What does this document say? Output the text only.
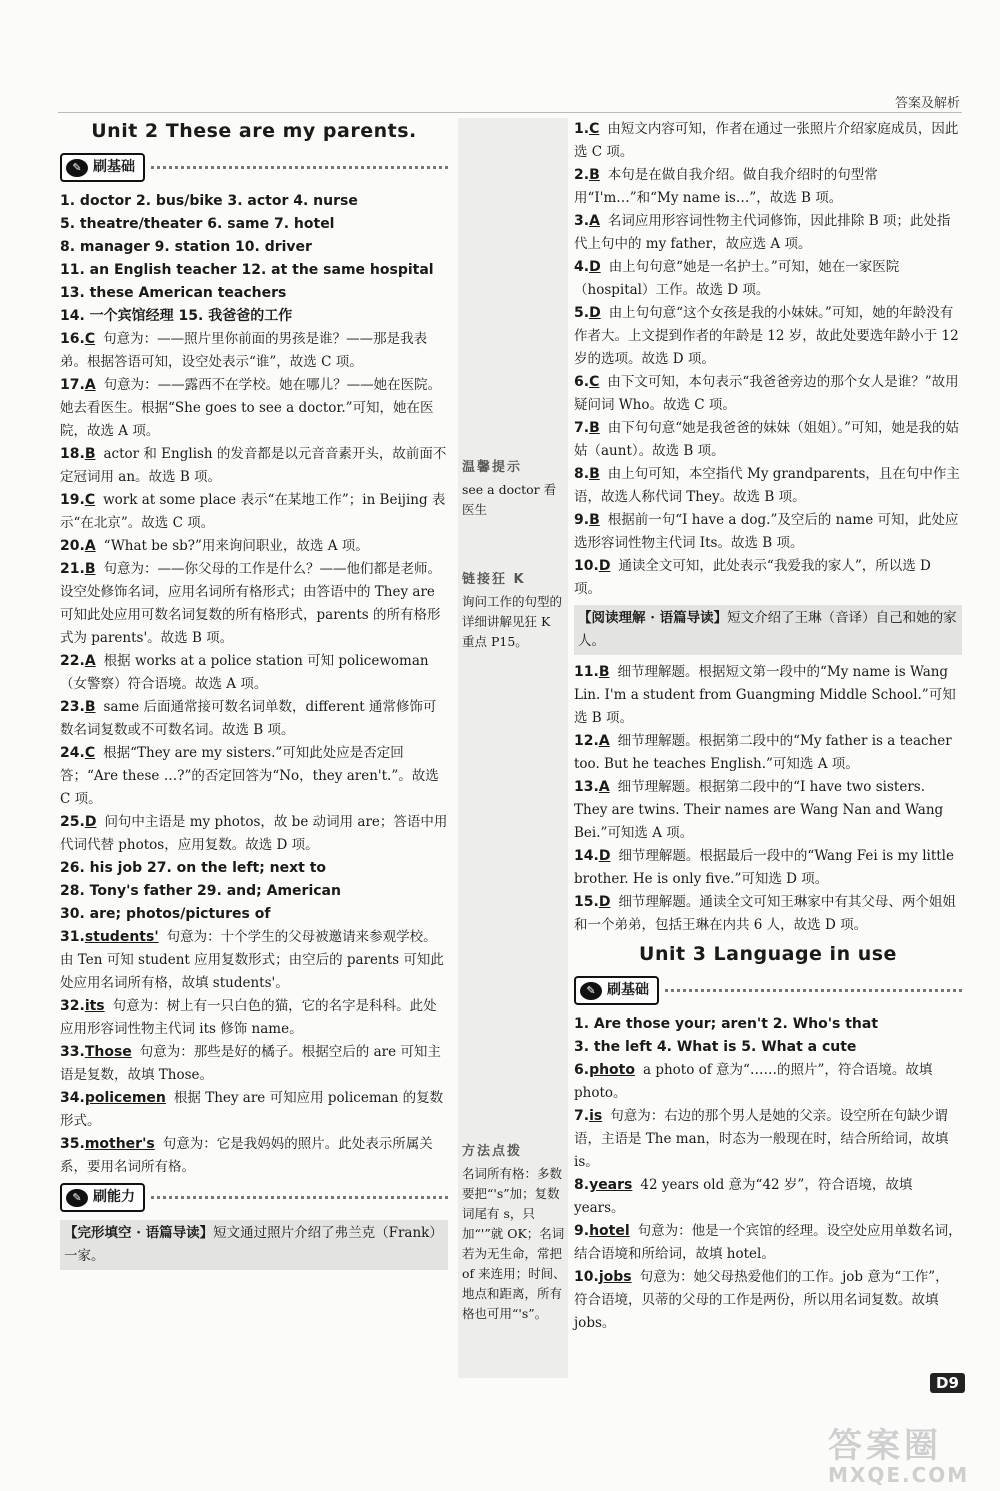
答案及解析
Unit 2 These are my parents.
✎ 刷基础
1. doctor 2. bus/bike 3. actor 4. nurse
5. theatre/theater 6. same 7. hotel
8. manager 9. station 10. driver
11. an English teacher 12. at the same hospital
13. these American teachers
14. 一个宾馆经理 15. 我爸爸的工作

16.C 句意为：——照片里你前面的男孩是谁？——那是我表弟。根据答语可知，设空处表示“谁”，故选 C 项。

17.A 句意为：——露西不在学校。她在哪儿？——她在医院。她去看医生。根据“She goes to see a doctor.”可知，她在医院，故选 A 项。

18.B actor 和 English 的发音都是以元音音素开头，故前面不定冠词用 an。故选 B 项。

19.C work at some place 表示“在某地工作”；in Beijing 表示“在北京”。故选 C 项。

20.A “What be sb?”用来询问职业，故选 A 项。

21.B 句意为：——你父母的工作是什么？——他们都是老师。设空处修饰名词，应用名词所有格形式；由答语中的 They are 可知此处应用可数名词复数的所有格形式，parents 的所有格形式为 parents'。故选 B 项。

22.A 根据 works at a police station 可知 policewoman（女警察）符合语境。故选 A 项。

23.B same 后面通常接可数名词单数，different 通常修饰可数名词复数或不可数名词。故选 B 项。

24.C 根据“They are my sisters.”可知此处应是否定回答；“Are these …?”的否定回答为“No，they aren't.”。故选 C 项。

25.D 问句中主语是 my photos，故 be 动词用 are；答语中用代词代替 photos，应用复数。故选 D 项。

26. his job 27. on the left; next to
28. Tony's father 29. and; American
30. are; photos/pictures of

31.students' 句意为：十个学生的父母被邀请来参观学校。由 Ten 可知 student 应用复数形式；由空后的 parents 可知此处应用名词所有格，故填 students'。

32.its 句意为：树上有一只白色的猫，它的名字是科科。此处应用形容词性物主代词 its 修饰 name。

33.Those 句意为：那些是好的橘子。根据空后的 are 可知主语是复数，故填 Those。

34.policemen 根据 They are 可知应用 policeman 的复数形式。

35.mother's 句意为：它是我妈妈的照片。此处表示所属关系，要用名词所有格。

✎ 刷能力
【完形填空 · 语篇导读】短文通过照片介绍了弗兰克（Frank）一家。
温馨提示
see a doctor 看医生
链接狂 K
询问工作的句型的详细讲解见狂 K 重点 P15。
方法点拨
名词所有格：多数要把“'s”加；复数词尾有 s，只加“'”就 OK；名词若为无生命，常把 of 来连用；时间、地点和距离，所有格也可用“'s”。

1.C 由短文内容可知，作者在通过一张照片介绍家庭成员，因此选 C 项。

2.B 本句是在做自我介绍。做自我介绍时的句型常用“I'm…”和“My name is…”，故选 B 项。

3.A 名词应用形容词性物主代词修饰，因此排除 B 项；此处指代上句中的 my father，故应选 A 项。

4.D 由上句句意“她是一名护士。”可知，她在一家医院（hospital）工作。故选 D 项。

5.D 由上句句意“这个女孩是我的小妹妹。”可知，她的年龄没有作者大。上文提到作者的年龄是 12 岁，故此处要选年龄小于 12 岁的选项。故选 D 项。

6.C 由下文可知，本句表示“我爸爸旁边的那个女人是谁？”故用疑问词 Who。故选 C 项。

7.B 由下句句意“她是我爸爸的妹妹（姐姐）。”可知，她是我的姑姑（aunt）。故选 B 项。

8.B 由上句可知，本空指代 My grandparents，且在句中作主语，故选人称代词 They。故选 B 项。

9.B 根据前一句“I have a dog.”及空后的 name 可知，此处应选形容词性物主代词 Its。故选 B 项。

10.D 通读全文可知，此处表示“我爱我的家人”，所以选 D 项。

【阅读理解 · 语篇导读】短文介绍了王琳（音译）自己和她的家人。

11.B 细节理解题。根据短文第一段中的“My name is Wang Lin. I'm a student from Guangming Middle School.”可知选 B 项。

12.A 细节理解题。根据第二段中的“My father is a teacher too. But he teaches English.”可知选 A 项。

13.A 细节理解题。根据第二段中的“I have two sisters. They are twins. Their names are Wang Nan and Wang Bei.”可知选 A 项。

14.D 细节理解题。根据最后一段中的“Wang Fei is my little brother. He is only five.”可知选 D 项。

15.D 细节理解题。通读全文可知王琳家中有其父母、两个姐姐和一个弟弟，包括王琳在内共 6 人，故选 D 项。

Unit 3 Language in use
✎ 刷基础
1. Are those your; aren't 2. Who's that
3. the left 4. What is 5. What a cute

6.photo a photo of 意为“……的照片”，符合语境。故填 photo。

7.is 句意为：右边的那个男人是她的父亲。设空所在句缺少谓语，主语是 The man，时态为一般现在时，结合所给词，故填 is。

8.years 42 years old 意为“42 岁”，符合语境，故填 years。

9.hotel 句意为：他是一个宾馆的经理。设空处应用单数名词，结合语境和所给词，故填 hotel。

10.jobs 句意为：她父母热爱他们的工作。job 意为“工作”，符合语境，贝蒂的父母的工作是两份，所以用名词复数。故填 jobs。

D9
答案圈
MXQE.COM
